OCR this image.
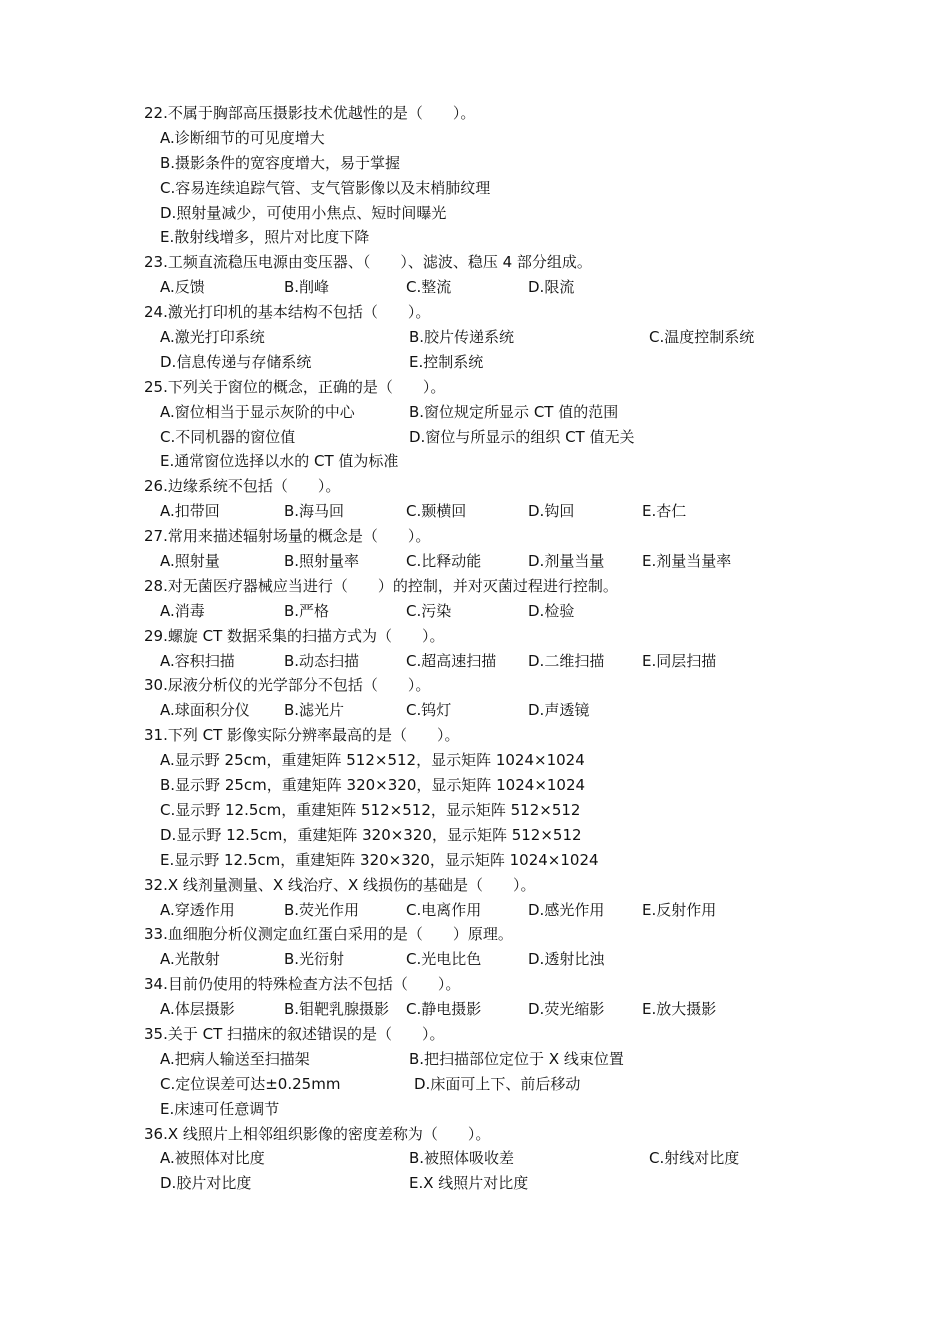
22.不属于胸部高压摄影技术优越性的是（　　）。
A.诊断细节的可见度增大
B.摄影条件的宽容度增大，易于掌握
C.容易连续追踪气管、支气管影像以及末梢肺纹理
D.照射量减少，可使用小焦点、短时间曝光
E.散射线增多，照片对比度下降
23.工频直流稳压电源由变压器、（　　）、滤波、稳压 4 部分组成。
A.反馈	B.削峰	C.整流	D.限流
24.激光打印机的基本结构不包括（　　）。
A.激光打印系统	B.胶片传递系统	C.温度控制系统
D.信息传递与存储系统	E.控制系统
25.下列关于窗位的概念，正确的是（　　）。
A.窗位相当于显示灰阶的中心	B.窗位规定所显示 CT 值的范围
C.不同机器的窗位值	D.窗位与所显示的组织 CT 值无关
E.通常窗位选择以水的 CT 值为标准
26.边缘系统不包括（　　）。
A.扣带回	B.海马回	C.颞横回	D.钩回	E.杏仁
27.常用来描述辐射场量的概念是（　　）。
A.照射量	B.照射量率	C.比释动能	D.剂量当量	E.剂量当量率
28.对无菌医疗器械应当进行（　　）的控制，并对灭菌过程进行控制。
A.消毒	B.严格	C.污染	D.检验
29.螺旋 CT 数据采集的扫描方式为（　　）。
A.容积扫描	B.动态扫描	C.超高速扫描 D.二维扫描	E.同层扫描
30.尿液分析仪的光学部分不包括（　　）。
A.球面积分仪 B.滤光片	C.钨灯	D.声透镜
31.下列 CT 影像实际分辨率最高的是（　　）。
A.显示野 25cm，重建矩阵 512×512，显示矩阵 1024×1024
B.显示野 25cm，重建矩阵 320×320，显示矩阵 1024×1024
C.显示野 12.5cm，重建矩阵 512×512，显示矩阵 512×512
D.显示野 12.5cm，重建矩阵 320×320，显示矩阵 512×512
E.显示野 12.5cm，重建矩阵 320×320，显示矩阵 1024×1024
32.X 线剂量测量、X 线治疗、X 线损伤的基础是（　　）。
A.穿透作用	B.荧光作用	C.电离作用	D.感光作用	E.反射作用
33.血细胞分析仪测定血红蛋白采用的是（　　）原理。
A.光散射	B.光衍射	C.光电比色	D.透射比浊
34.目前仍使用的特殊检查方法不包括（　　）。
A.体层摄影	B.钼靶乳腺摄影 C.静电摄影	D.荧光缩影	E.放大摄影
35.关于 CT 扫描床的叙述错误的是（　　）。
A.把病人输送至扫描架	B.把扫描部位定位于 X 线束位置
C.定位误差可达±0.25mm	D.床面可上下、前后移动
E.床速可任意调节
36.X 线照片上相邻组织影像的密度差称为（　　）。
A.被照体对比度	B.被照体吸收差	C.射线对比度
D.胶片对比度	E.X 线照片对比度
